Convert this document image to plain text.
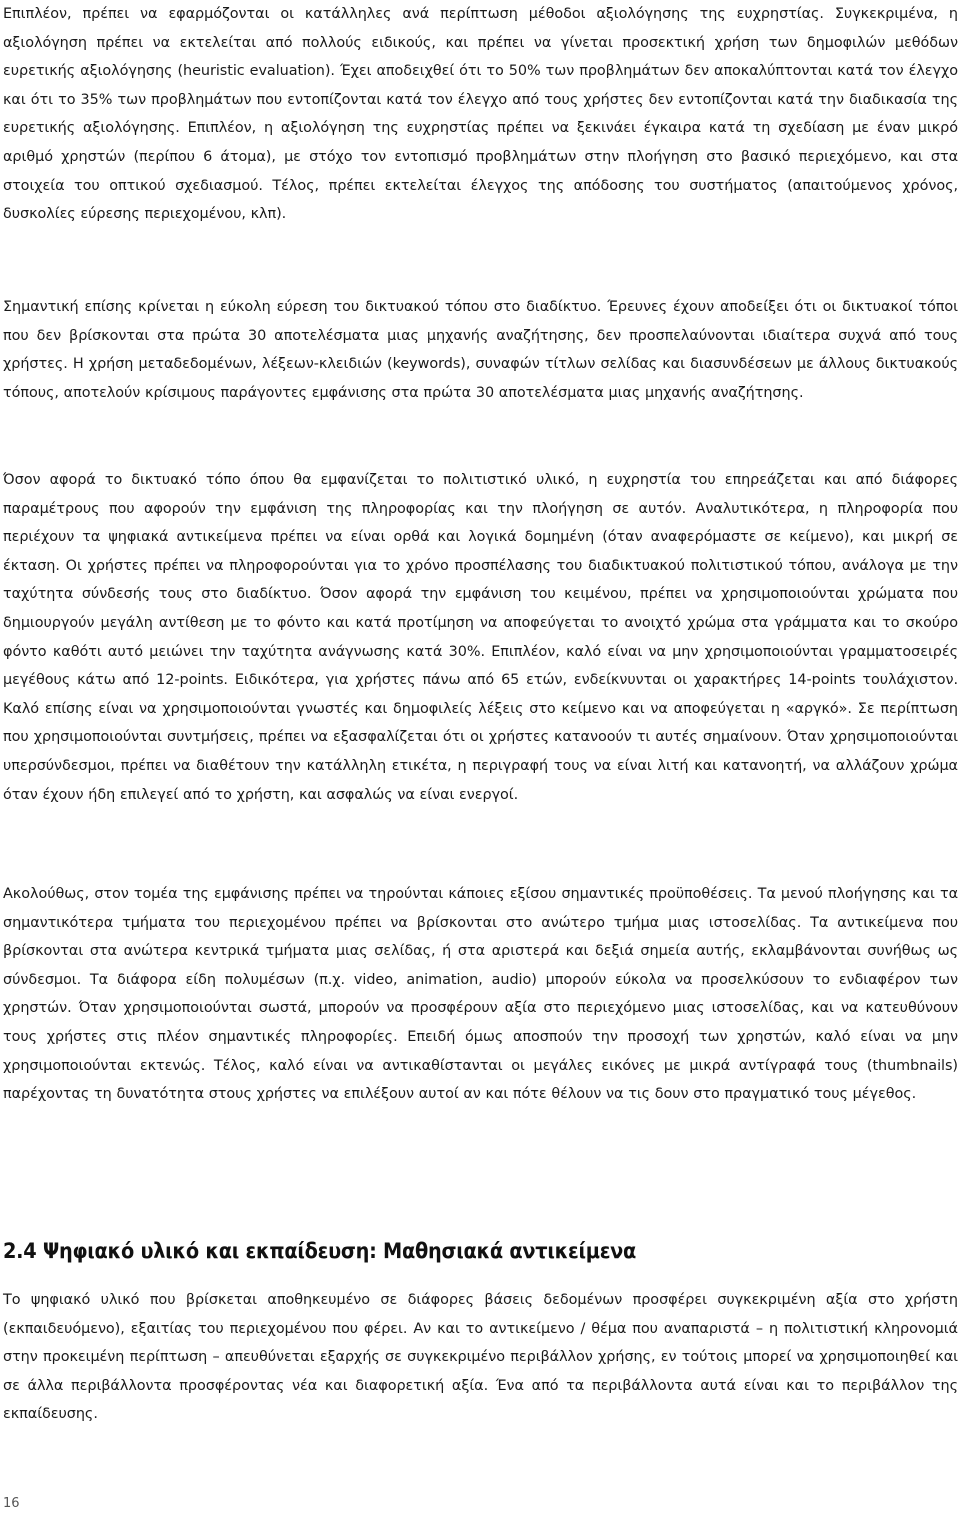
Επιπλέον, πρέπει να εφαρμόζονται οι κατάλληλες ανά περίπτωση μέθοδοι αξιολόγησης της ευχρηστίας. Συγκεκριμένα, η αξιολόγηση πρέπει να εκτελείται από πολλούς ειδικούς, και πρέπει να γίνεται προσεκτική χρήση των δημοφιλών μεθόδων ευρετικής αξιολόγησης (heuristic evaluation). Έχει αποδειχθεί ότι το 50% των προβλημάτων δεν αποκαλύπτονται κατά τον έλεγχο και ότι το 35% των προβλημάτων που εντοπίζονται κατά τον έλεγχο από τους χρήστες δεν εντοπίζονται κατά την διαδικασία της ευρετικής αξιολόγησης. Επιπλέον, η αξιολόγηση της ευχρηστίας πρέπει να ξεκινάει έγκαιρα κατά τη σχεδίαση με έναν μικρό αριθμό χρηστών (περίπου 6 άτομα), με στόχο τον εντοπισμό προβλημάτων στην πλοήγηση στο βασικό περιεχόμενο, και στα στοιχεία του οπτικού σχεδιασμού. Τέλος, πρέπει εκτελείται έλεγχος της απόδοσης του συστήματος (απαιτούμενος χρόνος, δυσκολίες εύρεσης περιεχομένου, κλπ).

Σημαντική επίσης κρίνεται η εύκολη εύρεση του δικτυακού τόπου στο διαδίκτυο. Έρευνες έχουν αποδείξει ότι οι δικτυακοί τόποι που δεν βρίσκονται στα πρώτα 30 αποτελέσματα μιας μηχανής αναζήτησης, δεν προσπελαύνονται ιδιαίτερα συχνά από τους χρήστες. Η χρήση μεταδεδομένων, λέξεων-κλειδιών (keywords), συναφών τίτλων σελίδας και διασυνδέσεων με άλλους δικτυακούς τόπους, αποτελούν κρίσιμους παράγοντες εμφάνισης στα πρώτα 30 αποτελέσματα μιας μηχανής αναζήτησης.

Όσον αφορά το δικτυακό τόπο όπου θα εμφανίζεται το πολιτιστικό υλικό, η ευχρηστία του επηρεάζεται και από διάφορες παραμέτρους που αφορούν την εμφάνιση της πληροφορίας και την πλοήγηση σε αυτόν. Αναλυτικότερα, η πληροφορία που περιέχουν τα ψηφιακά αντικείμενα πρέπει να είναι ορθά και λογικά δομημένη (όταν αναφερόμαστε σε κείμενο), και μικρή σε έκταση. Οι χρήστες πρέπει να πληροφορούνται για το χρόνο προσπέλασης του διαδικτυακού πολιτιστικού τόπου, ανάλογα με την ταχύτητα σύνδεσής τους στο διαδίκτυο. Όσον αφορά την εμφάνιση του κειμένου, πρέπει να χρησιμοποιούνται χρώματα που δημιουργούν μεγάλη αντίθεση με το φόντο και κατά προτίμηση να αποφεύγεται το ανοιχτό χρώμα στα γράμματα και το σκούρο φόντο καθότι αυτό μειώνει την ταχύτητα ανάγνωσης κατά 30%. Επιπλέον, καλό είναι να μην χρησιμοποιούνται γραμματοσειρές μεγέθους κάτω από 12-points. Ειδικότερα, για χρήστες πάνω από 65 ετών, ενδείκνυνται οι χαρακτήρες 14-points τουλάχιστον. Καλό επίσης είναι να χρησιμοποιούνται γνωστές και δημοφιλείς λέξεις στο κείμενο και να αποφεύγεται η «αργκό». Σε περίπτωση που χρησιμοποιούνται συντμήσεις, πρέπει να εξασφαλίζεται ότι οι χρήστες κατανοούν τι αυτές σημαίνουν. Όταν χρησιμοποιούνται υπερσύνδεσμοι, πρέπει να διαθέτουν την κατάλληλη ετικέτα, η περιγραφή τους να είναι λιτή και κατανοητή, να αλλάζουν χρώμα όταν έχουν ήδη επιλεγεί από το χρήστη, και ασφαλώς να είναι ενεργοί.

Ακολούθως, στον τομέα της εμφάνισης πρέπει να τηρούνται κάποιες εξίσου σημαντικές προϋποθέσεις. Τα μενού πλοήγησης και τα σημαντικότερα τμήματα του περιεχομένου πρέπει να βρίσκονται στο ανώτερο τμήμα μιας ιστοσελίδας. Τα αντικείμενα που βρίσκονται στα ανώτερα κεντρικά τμήματα μιας σελίδας, ή στα αριστερά και δεξιά σημεία αυτής, εκλαμβάνονται συνήθως ως σύνδεσμοι. Τα διάφορα είδη πολυμέσων (π.χ. video, animation, audio) μπορούν εύκολα να προσελκύσουν το ενδιαφέρον των χρηστών. Όταν χρησιμοποιούνται σωστά, μπορούν να προσφέρουν αξία στο περιεχόμενο μιας ιστοσελίδας, και να κατευθύνουν τους χρήστες στις πλέον σημαντικές πληροφορίες. Επειδή όμως αποσπούν την προσοχή των χρηστών, καλό είναι να μην χρησιμοποιούνται εκτενώς. Τέλος, καλό είναι να αντικαθίστανται οι μεγάλες εικόνες με μικρά αντίγραφά τους (thumbnails) παρέχοντας τη δυνατότητα στους χρήστες να επιλέξουν αυτοί αν και πότε θέλουν να τις δουν στο πραγματικό τους μέγεθος.

2.4 Ψηφιακό υλικό και εκπαίδευση: Μαθησιακά αντικείμενα

Το ψηφιακό υλικό που βρίσκεται αποθηκευμένο σε διάφορες βάσεις δεδομένων προσφέρει συγκεκριμένη αξία στο χρήστη (εκπαιδευόμενο), εξαιτίας του περιεχομένου που φέρει. Αν και το αντικείμενο / θέμα που αναπαριστά – η πολιτιστική κληρονομιά στην προκειμένη περίπτωση – απευθύνεται εξαρχής σε συγκεκριμένο περιβάλλον χρήσης, εν τούτοις μπορεί να χρησιμοποιηθεί και σε άλλα περιβάλλοντα προσφέροντας νέα και διαφορετική αξία. Ένα από τα περιβάλλοντα αυτά είναι και το περιβάλλον της εκπαίδευσης.

16
